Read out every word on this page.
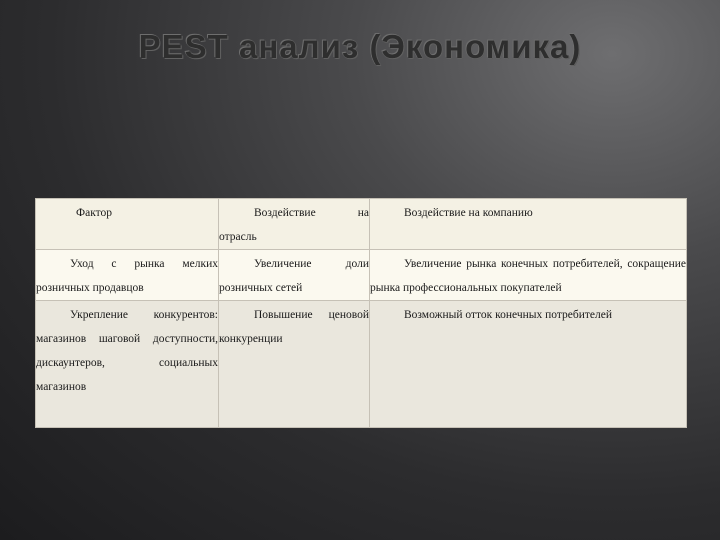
PEST анализ (Экономика)
Фактор	Воздействие на отрасль	Воздействие на компанию

Уход с рынка мелких розничных продавцов	Увеличение доли розничных сетей	Увеличение рынка конечных потребителей, сокращение рынка профессиональных покупателей

Укрепление конкурентов: магазинов шаговой доступности, дискаунтеров, социальных магазинов	Повышение ценовой конкуренции	Возможный отток конечных потребителей
